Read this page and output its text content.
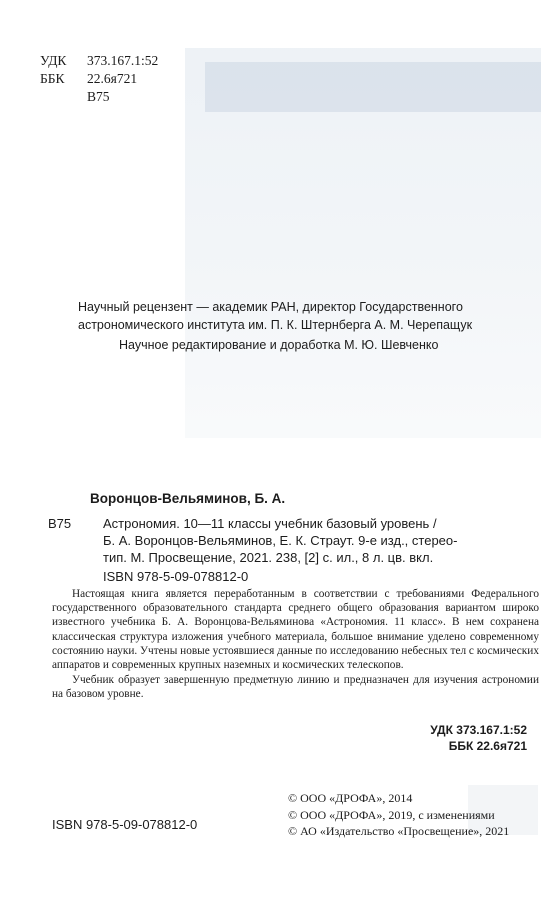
УДК	373.167.1:52
ББК	22.6я721
В75
Научный рецензент — академик РАН, директор Государственного
астрономического института им. П. К. Штернберга А. М. Черепащук
Научное редактирование и доработка М. Ю. Шевченко
Воронцов-Вельяминов, Б. А.
В75 Астрономия. 10—11 классы учебник базовый уровень /
Б. А. Воронцов-Вельяминов, Е. К. Страут. 9-е изд., стерео-
тип. М. Просвещение, 2021. 238, [2] с. ил., 8 л. цв. вкл.
ISBN 978-5-09-078812-0

Настоящая книга является переработанным в соответствии с требованиями Федерального государственного образовательного стандарта среднего общего образования вариантом широко известного учебника Б. А. Воронцова-Вельяминова «Астрономия. 11 класс». В нем сохранена классическая структура изложения учебного материала, большое внимание уделено современному состоянию науки. Учтены новые устоявшиеся данные по исследованию небесных тел с космических аппаратов и современных крупных наземных и космических телескопов.

Учебник образует завершенную предметную линию и предназначен для изучения астрономии на базовом уровне.

УДК 373.167.1:52
ББК 22.6я721
ISBN 978-5-09-078812-0
© ООО «ДРОФА», 2014
© ООО «ДРОФА», 2019, с изменениями
© АО «Издательство «Просвещение», 2021
